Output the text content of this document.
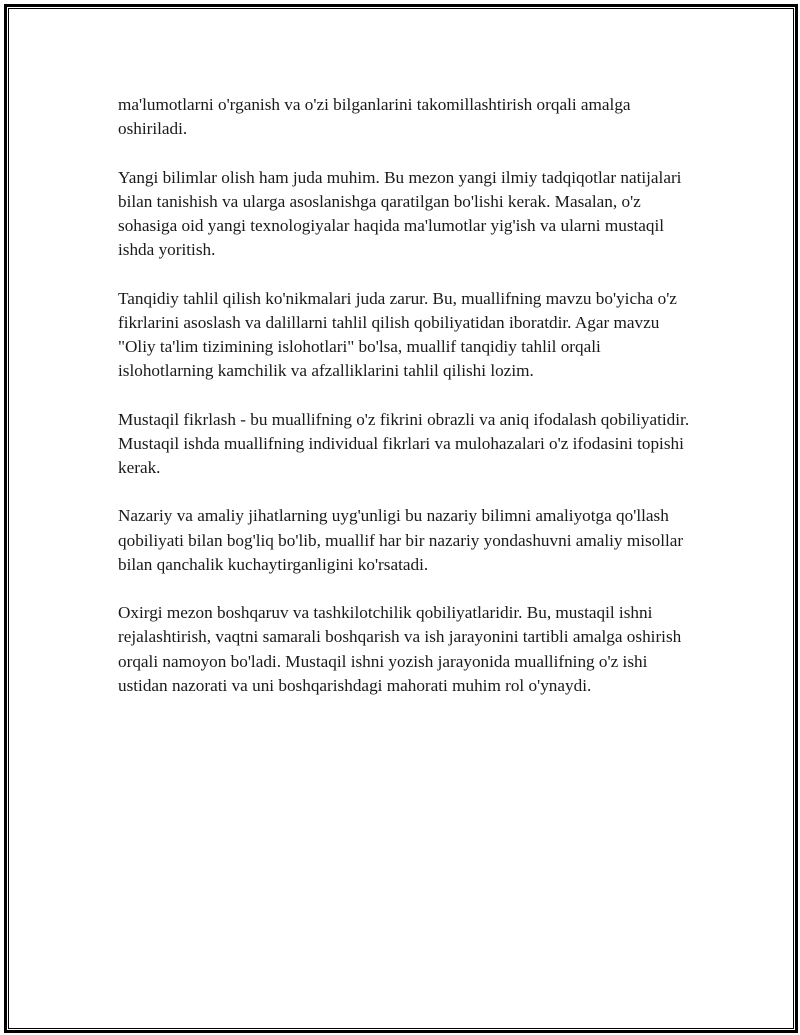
ma'lumotlarni o'rganish va o'zi bilganlarini takomillashtirish orqali amalga oshiriladi.

Yangi bilimlar olish ham juda muhim. Bu mezon yangi ilmiy tadqiqotlar natijalari bilan tanishish va ularga asoslanishga qaratilgan bo'lishi kerak. Masalan, o'z sohasiga oid yangi texnologiyalar haqida ma'lumotlar yig'ish va ularni mustaqil ishda yoritish.

Tanqidiy tahlil qilish ko'nikmalari juda zarur. Bu, muallifning mavzu bo'yicha o'z fikrlarini asoslash va dalillarni tahlil qilish qobiliyatidan iboratdir. Agar mavzu "Oliy ta'lim tizimining islohotlari" bo'lsa, muallif tanqidiy tahlil orqali islohotlarning kamchilik va afzalliklarini tahlil qilishi lozim.

Mustaqil fikrlash - bu muallifning o'z fikrini obrazli va aniq ifodalash qobiliyatidir. Mustaqil ishda muallifning individual fikrlari va mulohazalari o'z ifodasini topishi kerak.

Nazariy va amaliy jihatlarning uyg'unligi bu nazariy bilimni amaliyotga qo'llash qobiliyati bilan bog'liq bo'lib, muallif har bir nazariy yondashuvni amaliy misollar bilan qanchalik kuchaytirganligini ko'rsatadi.

Oxirgi mezon boshqaruv va tashkilotchilik qobiliyatlaridir. Bu, mustaqil ishni rejalashtirish, vaqtni samarali boshqarish va ish jarayonini tartibli amalga oshirish orqali namoyon bo'ladi. Mustaqil ishni yozish jarayonida muallifning o'z ishi ustidan nazorati va uni boshqarishdagi mahorati muhim rol o'ynaydi.
